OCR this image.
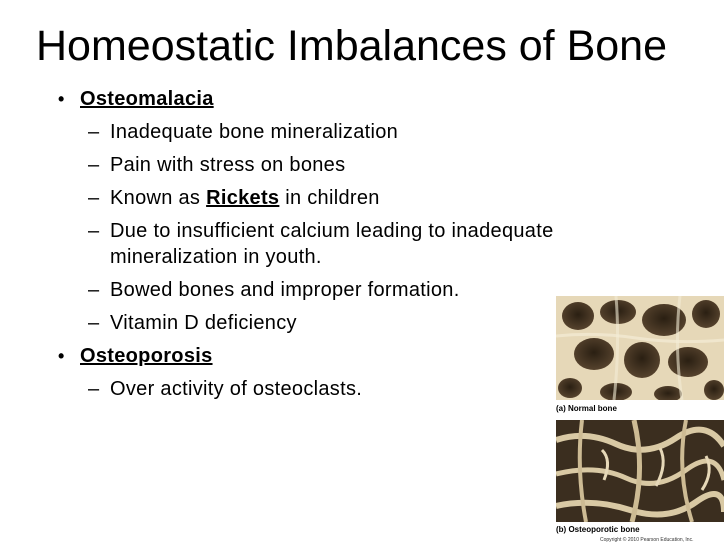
Homeostatic Imbalances of Bone
• Osteomalacia
– Inadequate bone mineralization
– Pain with stress on bones
– Known as Rickets in children
– Due to insufficient calcium leading to inadequate mineralization in youth.
– Bowed bones and improper formation.
– Vitamin D deficiency
• Osteoporosis
– Over activity of osteoclasts.
(a) Normal bone
(b) Osteoporotic bone
Copyright © 2010 Pearson Education, Inc.
